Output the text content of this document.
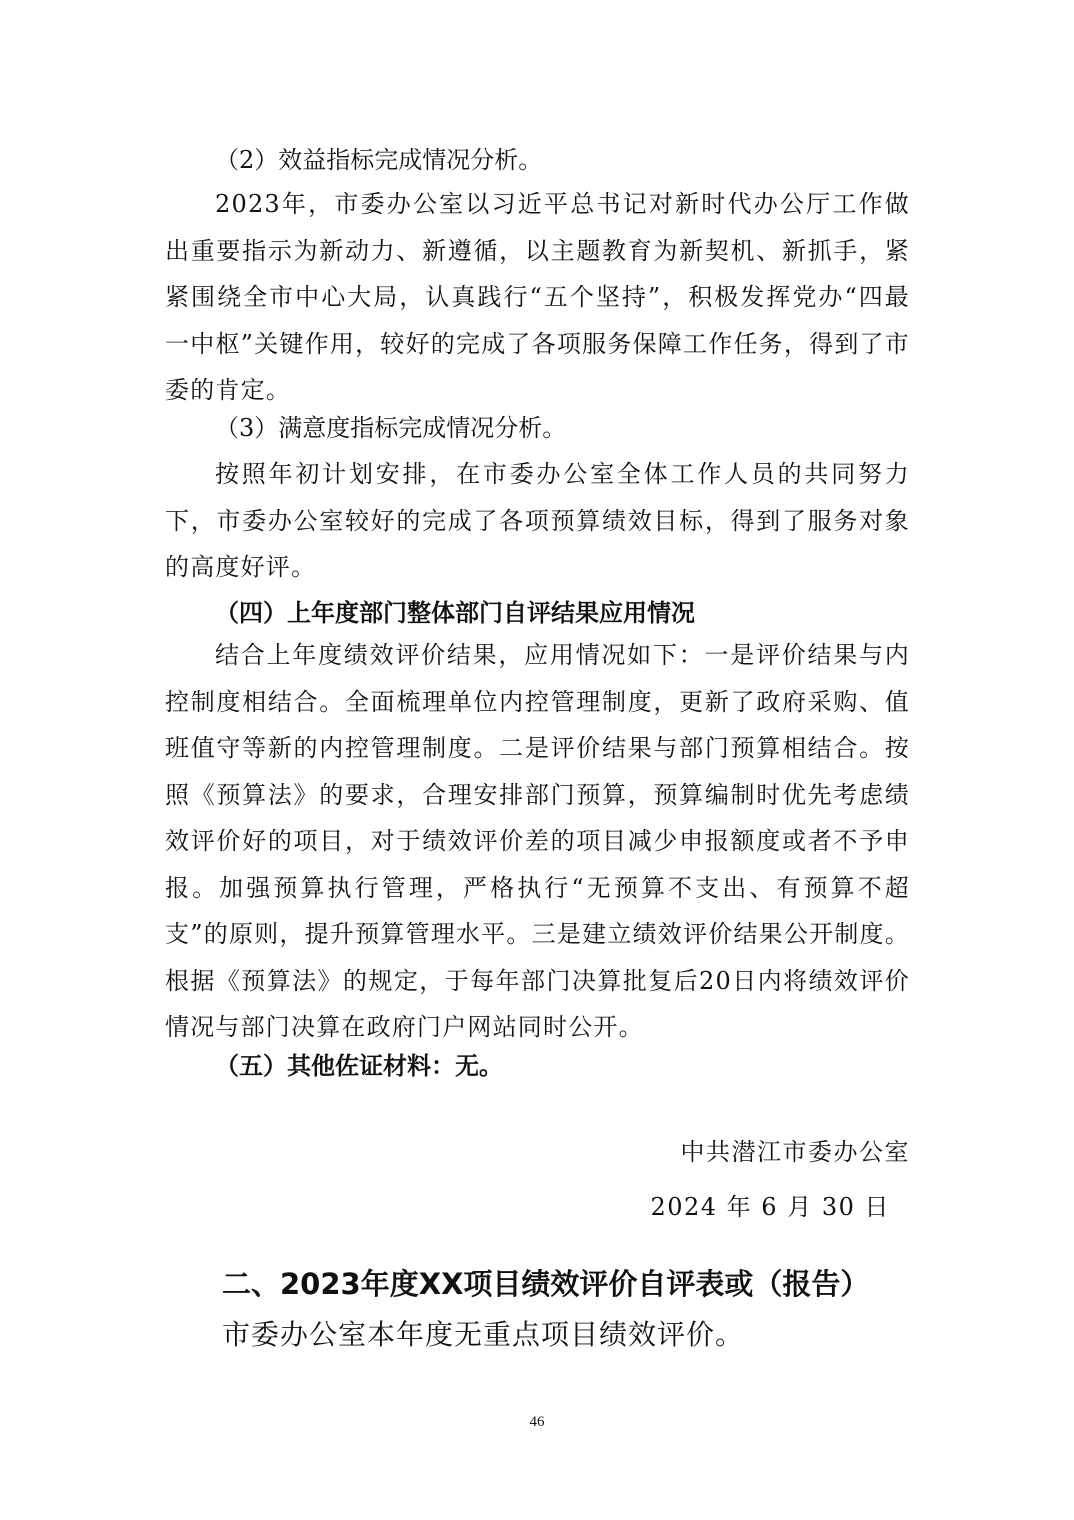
（2）效益指标完成情况分析。

2023年，市委办公室以习近平总书记对新时代办公厅工作做出重要指示为新动力、新遵循，以主题教育为新契机、新抓手，紧紧围绕全市中心大局，认真践行“五个坚持”，积极发挥党办“四最一中枢”关键作用，较好的完成了各项服务保障工作任务，得到了市委的肯定。

（3）满意度指标完成情况分析。

按照年初计划安排，在市委办公室全体工作人员的共同努力下，市委办公室较好的完成了各项预算绩效目标，得到了服务对象的高度好评。

（四）上年度部门整体部门自评结果应用情况

结合上年度绩效评价结果，应用情况如下：一是评价结果与内控制度相结合。全面梳理单位内控管理制度，更新了政府采购、值班值守等新的内控管理制度。二是评价结果与部门预算相结合。按照《预算法》的要求，合理安排部门预算，预算编制时优先考虑绩效评价好的项目，对于绩效评价差的项目减少申报额度或者不予申报。加强预算执行管理，严格执行“无预算不支出、有预算不超支”的原则，提升预算管理水平。三是建立绩效评价结果公开制度。根据《预算法》的规定，于每年部门决算批复后20日内将绩效评价情况与部门决算在政府门户网站同时公开。

（五）其他佐证材料：无。

中共潜江市委办公室

2024 年 6 月 30 日

二、2023年度XX项目绩效评价自评表或（报告）

市委办公室本年度无重点项目绩效评价。

46
